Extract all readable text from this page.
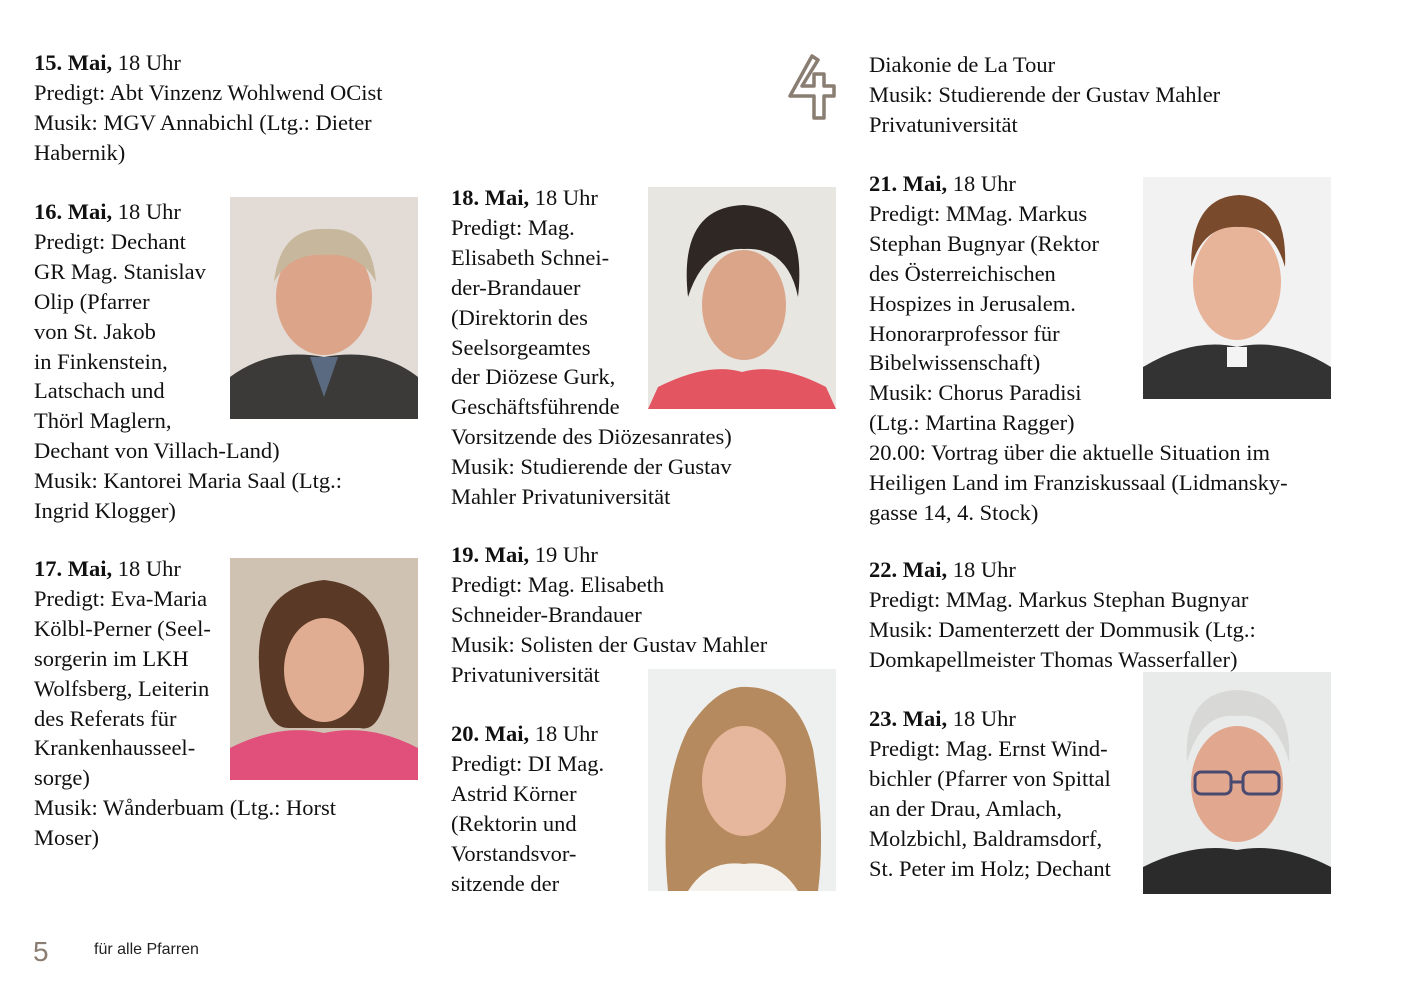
15. Mai, 18 Uhr
Predigt: Abt Vinzenz Wohlwend OCist
Musik: MGV Annabichl (Ltg.: Dieter
Habernik)
16. Mai, 18 Uhr
Predigt: Dechant
GR Mag. Stanislav
Olip (Pfarrer
von St. Jakob
in Finkenstein,
Latschach und
Thörl Maglern,
Dechant von Villach-Land)
Musik: Kantorei Maria Saal (Ltg.:
Ingrid Klogger)
17. Mai, 18 Uhr
Predigt: Eva-Maria
Kölbl-Perner (Seel-
sorgerin im LKH
Wolfsberg, Leiterin
des Referats für
Krankenhausseel-
sorge)
Musik: Wånderbuam (Ltg.: Horst
Moser)
18. Mai, 18 Uhr
Predigt: Mag.
Elisabeth Schnei-
der-Brandauer
(Direktorin des
Seelsorgeamtes
der Diözese Gurk,
Geschäftsführende
Vorsitzende des Diözesanrates)
Musik: Studierende der Gustav
Mahler Privatuniversität
19. Mai, 19 Uhr
Predigt: Mag. Elisabeth
Schneider-Brandauer
Musik: Solisten der Gustav Mahler
Privatuniversität
20. Mai, 18 Uhr
Predigt: DI Mag.
Astrid Körner
(Rektorin und
Vorstandsvor-
sitzende der
Diakonie de La Tour
Musik: Studierende der Gustav Mahler
Privatuniversität
21. Mai, 18 Uhr
Predigt: MMag. Markus
Stephan Bugnyar (Rektor
des Österreichischen
Hospizes in Jerusalem.
Honorarprofessor für
Bibelwissenschaft)
Musik: Chorus Paradisi
(Ltg.: Martina Ragger)
20.00: Vortrag über die aktuelle Situation im
Heiligen Land im Franziskussaal (Lidmansky-
gasse 14, 4. Stock)
22. Mai, 18 Uhr
Predigt: MMag. Markus Stephan Bugnyar
Musik: Damenterzett der Dommusik (Ltg.:
Domkapellmeister Thomas Wasserfaller)
23. Mai, 18 Uhr
Predigt: Mag. Ernst Wind-
bichler (Pfarrer von Spittal
an der Drau, Amlach,
Molzbichl, Baldramsdorf,
St. Peter im Holz; Dechant
5	für alle Pfarren
